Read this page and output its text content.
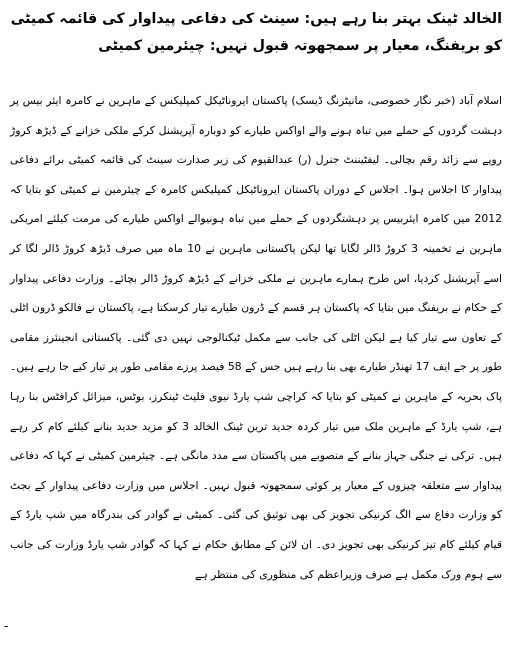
الخالد ٹینک بہتر بنا رہے ہیں: سینٹ کی دفاعی پیداوار کی قائمہ کمیٹی کو بریفنگ، معیار پر سمجھوتہ قبول نہیں: چیئرمین کمیٹی

اسلام آباد (خبر نگار خصوصی، مانیٹرنگ ڈیسک) پاکستان ایروناٹیکل کمپلیکس کے ماہرین نے کامرہ ایئر بیس پر دہشت گردوں کے حملے میں تباہ ہونے والے اواکس طیارے کو دوبارہ آپریشنل کرکے ملکی خزانے کے ڈیڑھ کروڑ روپے سے زائد رقم بچالی۔ لیفٹیننٹ جنرل (ر) عبدالقیوم کی زیر صدارت سینٹ کی قائمہ کمیٹی برائے دفاعی پیداوار کا اجلاس ہوا۔ اجلاس کے دوران پاکستان ایروناٹیکل کمپلیکس کامرہ کے چیئرمین نے کمیٹی کو بتایا کہ 2012 میں کامرہ ایئربیس پر دہشتگردوں کے حملے میں تباہ ہونیوالے اواکس طیارے کی مرمت کیلئے امریکی ماہرین نے تخمینہ 3 کروڑ ڈالر لگایا تھا لیکن پاکستانی ماہرین نے 10 ماہ میں صرف ڈیڑھ کروڑ ڈالر لگا کر اسے آپریشنل کردیا، اس طرح ہمارے ماہرین نے ملکی خزانے کے ڈیڑھ کروڑ ڈالر بچائے۔ وزارت دفاعی پیداوار کے حکام نے بریفنگ میں بتایا کہ پاکستان ہر قسم کے ڈرون طیارے تیار کرسکتا ہے، پاکستان نے فالکو ڈرون اٹلی کے تعاون سے تیار کیا ہے لیکن اٹلی کی جانب سے مکمل ٹیکنالوجی نہیں دی گئی۔ پاکستانی انجینئرز مقامی طور پر جے ایف 17 تھنڈر طیارے بھی بنا رہے ہیں جس کے 58 فیصد پرزے مقامی طور پر تیار کیے جا رہے ہیں۔ پاک بحریہ کے ماہرین نے کمیٹی کو بتایا کہ کراچی شپ یارڈ نیوی فلیٹ ٹینکرز، بوٹس، میزائل کرافٹس بنا رہا ہے، شپ یارڈ کے ماہرین ملک میں تیار کردہ جدید ترین ٹینک الخالد 3 کو مزید جدید بنانے کیلئے کام کر رہے ہیں۔ ترکی نے جنگی جہاز بنانے کے منصوبے میں پاکستان سے مدد مانگی ہے۔ چیئرمین کمیٹی نے کہا کہ دفاعی پیداوار سے متعلقہ چیزوں کے معیار پر کوئی سمجھوتہ قبول نہیں۔ اجلاس میں وزارت دفاعی پیداوار کے بجٹ کو وزارت دفاع سے الگ کرنیکی تجویز کی بھی توثیق کی گئی۔ کمیٹی نے گوادر کی بندرگاہ میں شپ یارڈ کے قیام کیلئے کام تیز کرنیکی بھی تجویز دی۔ ان لائن کے مطابق حکام نے کہا کہ گوادر شپ یارڈ وزارت کی جانب سے ہوم ورک مکمل ہے صرف وزیراعظم کی منظوری کی منتظر ہے

-
